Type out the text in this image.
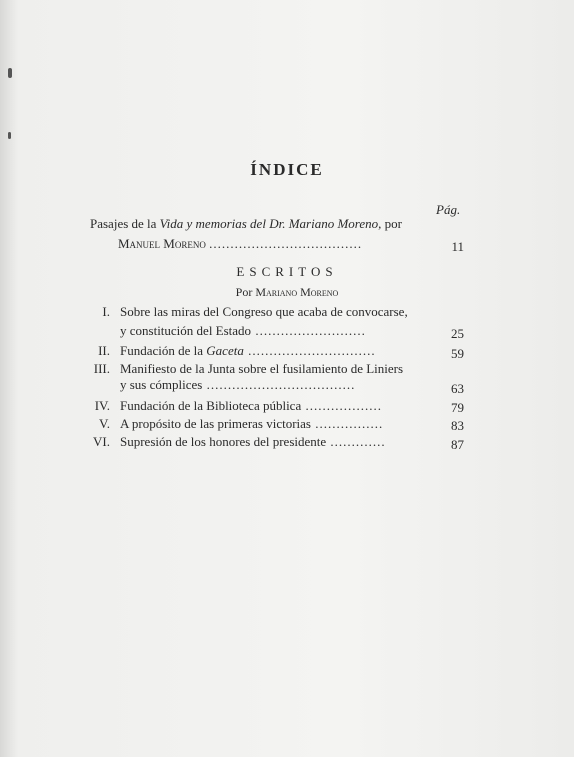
ÍNDICE
Pág.
Pasajes de la Vida y memorias del Dr. Mariano Moreno, por
Manuel Moreno ....................................	11
ESCRITOS
Por Mariano Moreno
I. Sobre las miras del Congreso que acaba de convocarse,
y constitución del Estado ..........................	25
II. Fundación de la Gaceta ..............................	59
III. Manifiesto de la Junta sobre el fusilamiento de Liniers
y sus cómplices ...................................	63
IV. Fundación de la Biblioteca pública ..................	79
V. A propósito de las primeras victorias ................	83
VI. Supresión de los honores del presidente .............	87
